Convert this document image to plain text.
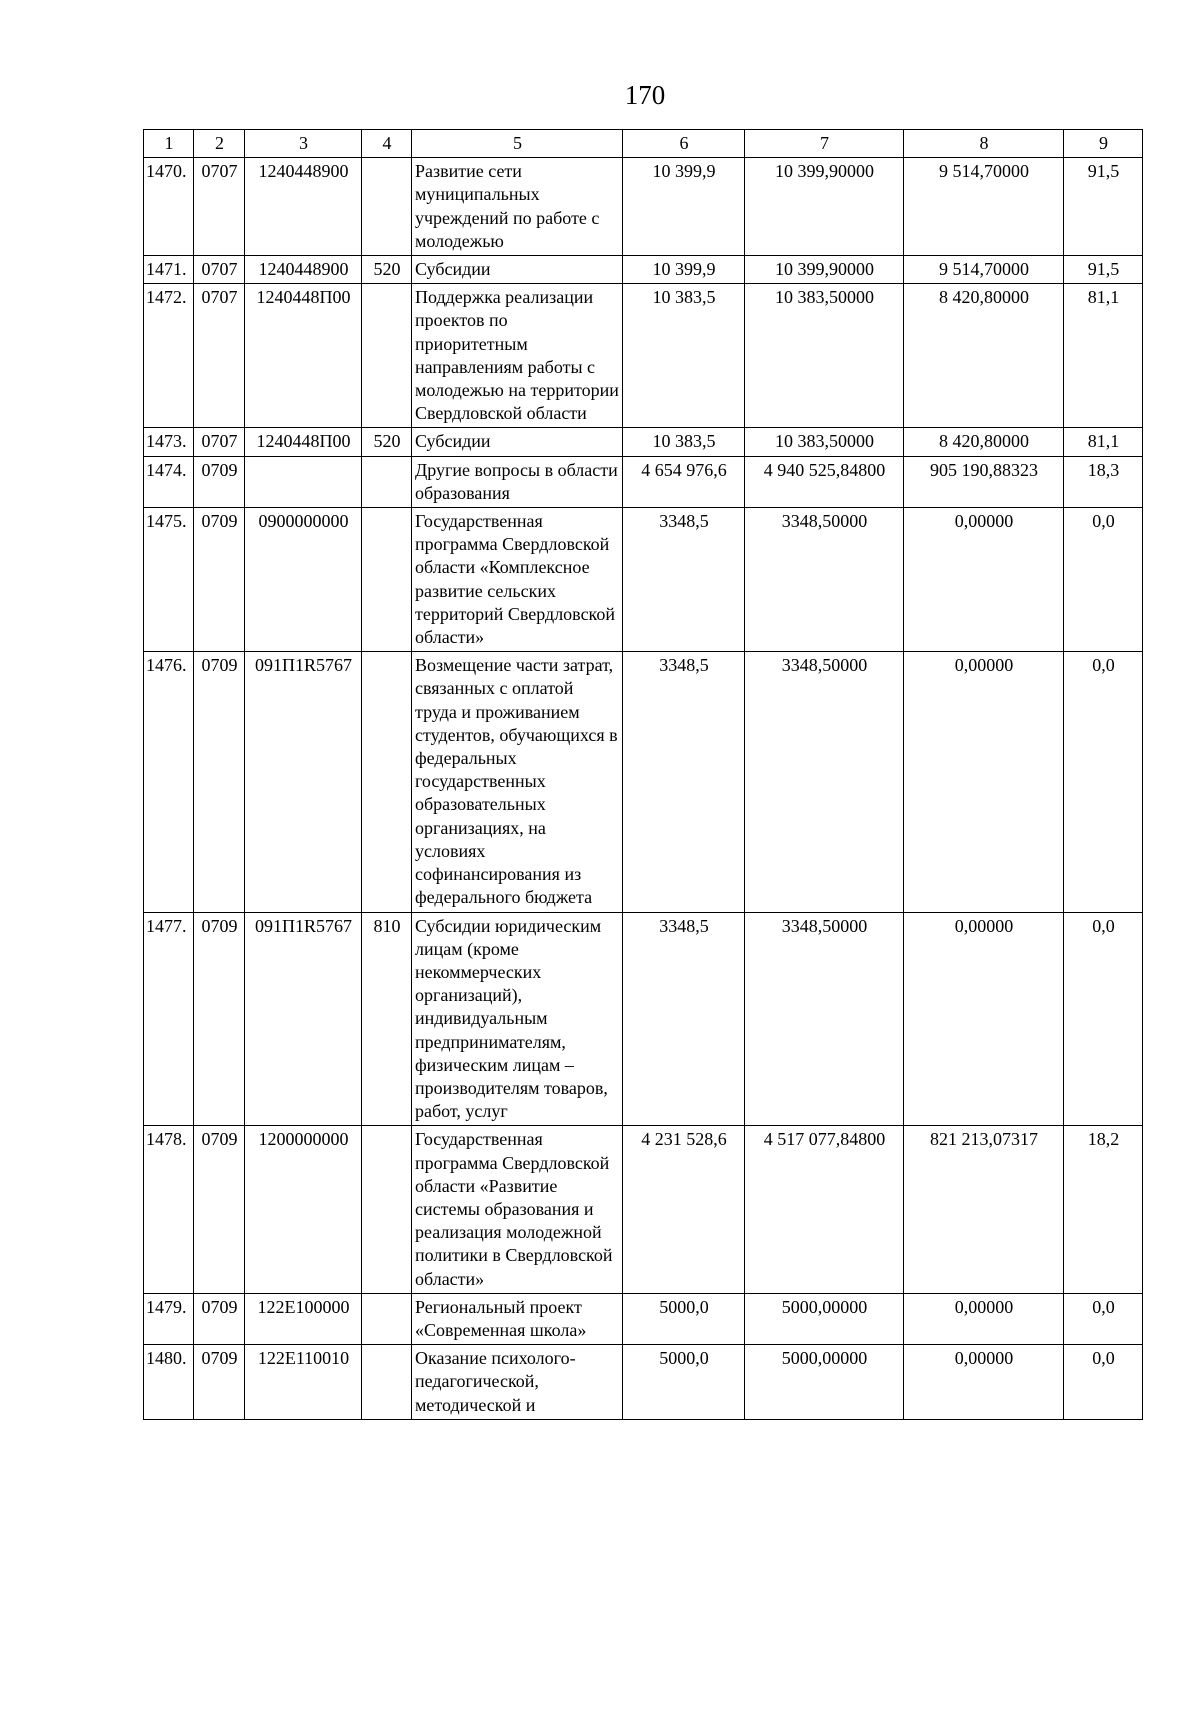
170
1	2	3	4	5	6	7	8	9
1470.	0707	1240448900		Развитие сети муниципальных учреждений по работе с молодежью	10 399,9	10 399,90000	9 514,70000	91,5
1471.	0707	1240448900	520	Субсидии	10 399,9	10 399,90000	9 514,70000	91,5
1472.	0707	1240448П00		Поддержка реализации проектов по приоритетным направлениям работы с молодежью на территории Свердловской области	10 383,5	10 383,50000	8 420,80000	81,1
1473.	0707	1240448П00	520	Субсидии	10 383,5	10 383,50000	8 420,80000	81,1
1474.	0709			Другие вопросы в области образования	4 654 976,6	4 940 525,84800	905 190,88323	18,3
1475.	0709	0900000000		Государственная программа Свердловской области «Комплексное развитие сельских территорий Свердловской области»	3348,5	3348,50000	0,00000	0,0
1476.	0709	091П1R5767		Возмещение части затрат, связанных с оплатой труда и проживанием студентов, обучающихся в федеральных государственных образовательных организациях, на условиях софинансирования из федерального бюджета	3348,5	3348,50000	0,00000	0,0
1477.	0709	091П1R5767	810	Субсидии юридическим лицам (кроме некоммерческих организаций), индивидуальным предпринимателям, физическим лицам – производителям товаров, работ, услуг	3348,5	3348,50000	0,00000	0,0
1478.	0709	1200000000		Государственная программа Свердловской области «Развитие системы образования и реализация молодежной политики в Свердловской области»	4 231 528,6	4 517 077,84800	821 213,07317	18,2
1479.	0709	122E100000		Региональный проект «Современная школа»	5000,0	5000,00000	0,00000	0,0
1480.	0709	122E110010		Оказание психолого-педагогической, методической и	5000,0	5000,00000	0,00000	0,0
